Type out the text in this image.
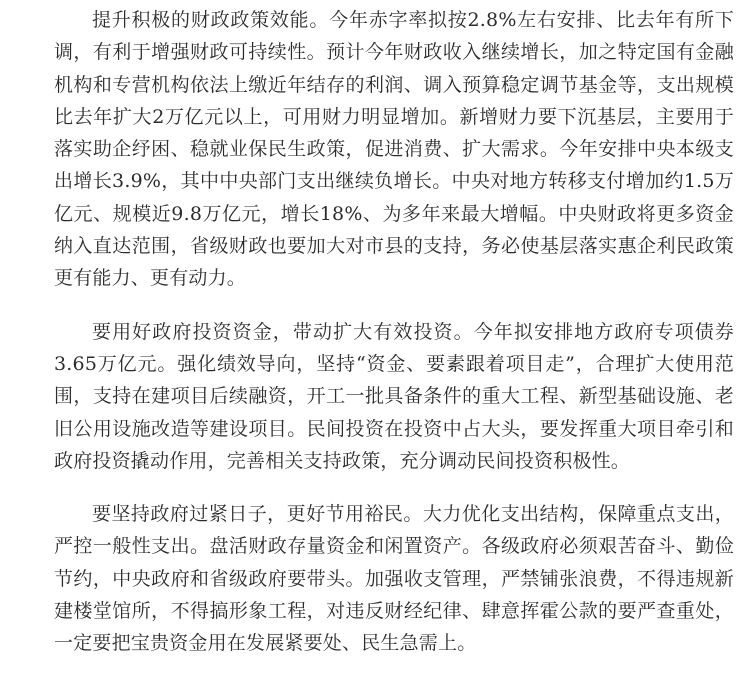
提升积极的财政政策效能。今年赤字率拟按2.8%左右安排、比去年有所下调，有利于增强财政可持续性。预计今年财政收入继续增长，加之特定国有金融机构和专营机构依法上缴近年结存的利润、调入预算稳定调节基金等，支出规模比去年扩大2万亿元以上，可用财力明显增加。新增财力要下沉基层，主要用于落实助企纾困、稳就业保民生政策，促进消费、扩大需求。今年安排中央本级支出增长3.9%，其中中央部门支出继续负增长。中央对地方转移支付增加约1.5万亿元、规模近9.8万亿元，增长18%、为多年来最大增幅。中央财政将更多资金纳入直达范围，省级财政也要加大对市县的支持，务必使基层落实惠企利民政策更有能力、更有动力。

要用好政府投资资金，带动扩大有效投资。今年拟安排地方政府专项债券3.65万亿元。强化绩效导向，坚持“资金、要素跟着项目走”，合理扩大使用范围，支持在建项目后续融资，开工一批具备条件的重大工程、新型基础设施、老旧公用设施改造等建设项目。民间投资在投资中占大头，要发挥重大项目牵引和政府投资撬动作用，完善相关支持政策，充分调动民间投资积极性。

要坚持政府过紧日子，更好节用裕民。大力优化支出结构，保障重点支出，严控一般性支出。盘活财政存量资金和闲置资产。各级政府必须艰苦奋斗、勤俭节约，中央政府和省级政府要带头。加强收支管理，严禁铺张浪费，不得违规新建楼堂馆所，不得搞形象工程，对违反财经纪律、肆意挥霍公款的要严查重处，一定要把宝贵资金用在发展紧要处、民生急需上。
